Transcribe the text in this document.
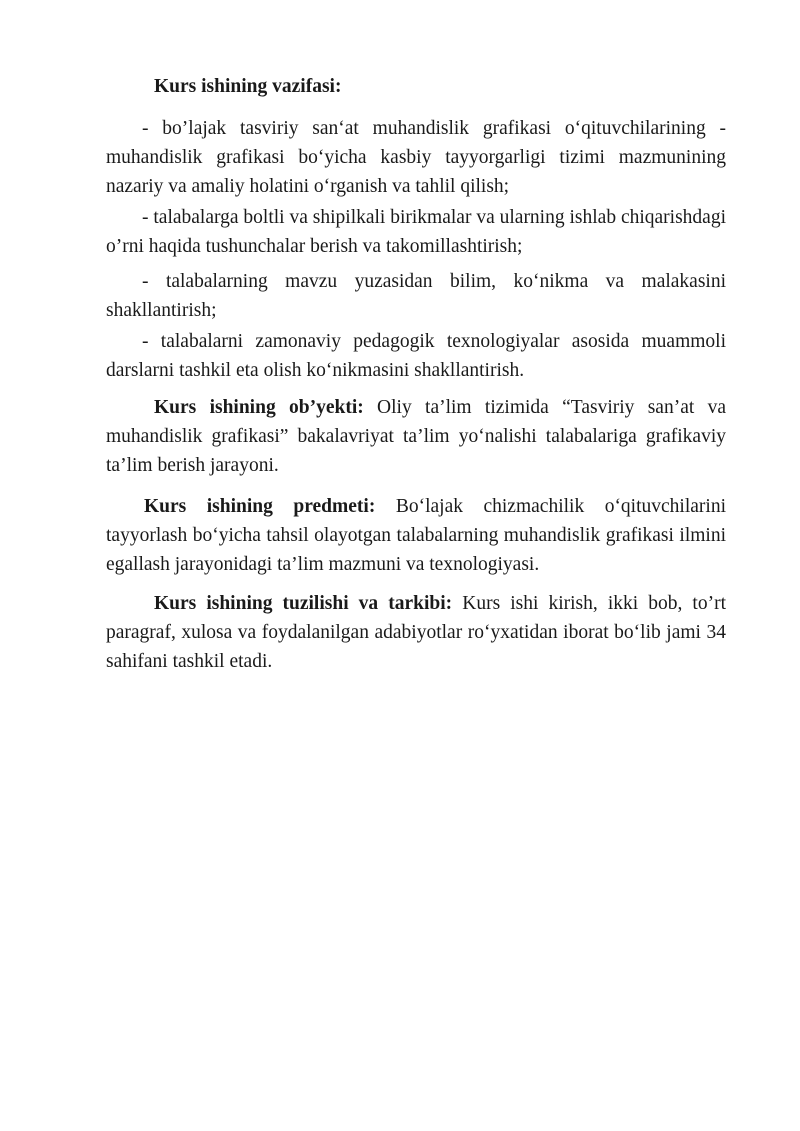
Kurs ishining vazifasi:

- bo’lajak tasviriy san‘at muhandislik grafikasi o‘qituvchilarining - muhandislik grafikasi bo‘yicha kasbiy tayyorgarligi tizimi mazmunining nazariy va amaliy holatini o‘rganish va tahlil qilish;

- talabalarga boltli va shipilkali birikmalar va ularning ishlab chiqarishdagi o’rni haqida tushunchalar berish va takomillashtirish;

- talabalarning mavzu yuzasidan bilim, ko‘nikma va malakasini shakllantirish;

- talabalarni zamonaviy pedagogik texnologiyalar asosida muammoli darslarni tashkil eta olish ko‘nikmasini shakllantirish.

Kurs ishining ob’yekti: Oliy ta’lim tizimida “Tasviriy san’at va muhandislik grafikasi” bakalavriyat ta’lim yo‘nalishi talabalariga grafikaviy ta’lim berish jarayoni.

Kurs ishining predmeti: Bo‘lajak chizmachilik o‘qituvchilarini tayyorlash bo‘yicha tahsil olayotgan talabalarning muhandislik grafikasi ilmini egallash jarayonidagi ta’lim mazmuni va texnologiyasi.

Kurs ishining tuzilishi va tarkibi: Kurs ishi kirish, ikki bob, to’rt paragraf, xulosa va foydalanilgan adabiyotlar ro‘yxatidan iborat bo‘lib jami 34 sahifani tashkil etadi.
